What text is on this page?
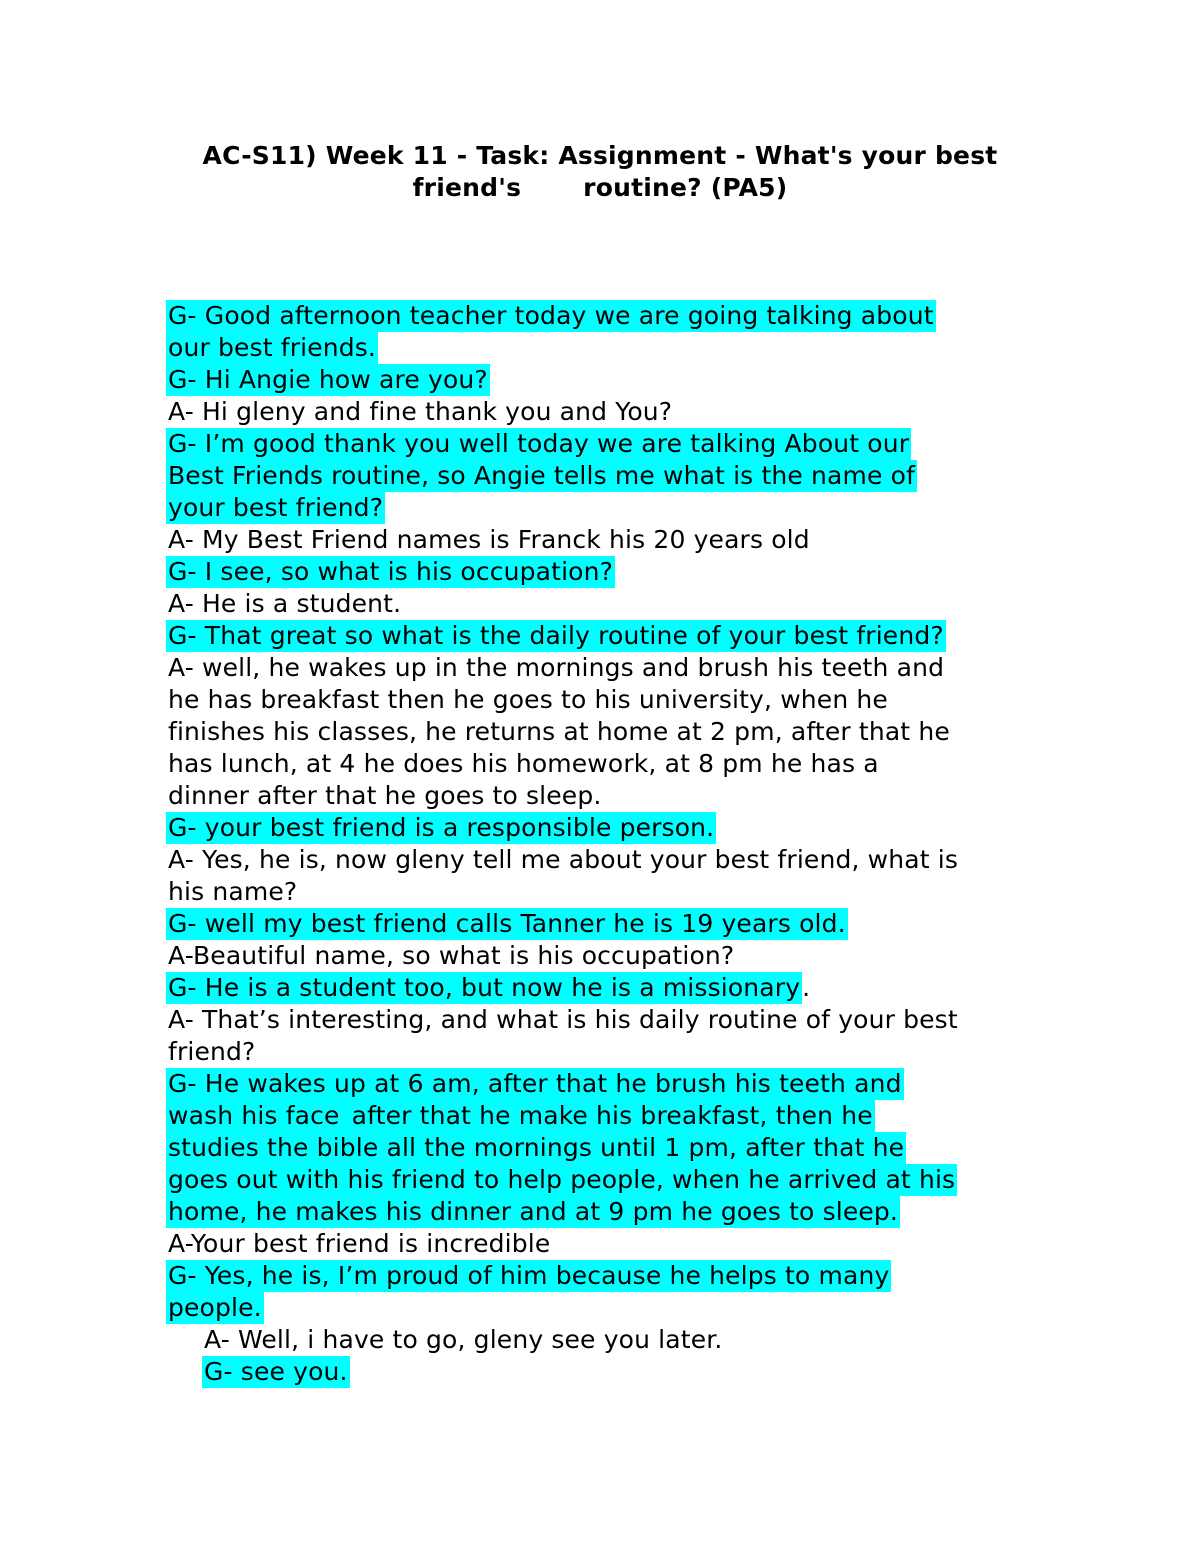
AC-S11) Week 11 - Task: Assignment - What's your best
friend's routine? (PA5)
G- Good afternoon teacher today we are going talking about
our best friends.
G- Hi Angie how are you?
A- Hi gleny and fine thank you and You?
G- I’m good thank you well today we are talking About our
Best Friends routine, so Angie tells me what is the name of
your best friend?
A- My Best Friend names is Franck his 20 years old
G- I see, so what is his occupation?
A- He is a student.
G- That great so what is the daily routine of your best friend?
A- well, he wakes up in the mornings and brush his teeth and
he has breakfast then he goes to his university, when he
finishes his classes, he returns at home at 2 pm, after that he
has lunch, at 4 he does his homework, at 8 pm he has a
dinner after that he goes to sleep.
G- your best friend is a responsible person.
A- Yes, he is, now gleny tell me about your best friend, what is
his name?
G- well my best friend calls Tanner he is 19 years old.
A-Beautiful name, so what is his occupation?
G- He is a student too, but now he is a missionary.
A- That’s interesting, and what is his daily routine of your best
friend?
G- He wakes up at 6 am, after that he brush his teeth and
wash his face after that he make his breakfast, then he
studies the bible all the mornings until 1 pm, after that he
goes out with his friend to help people, when he arrived at his
home, he makes his dinner and at 9 pm he goes to sleep.
A-Your best friend is incredible
G- Yes, he is, I’m proud of him because he helps to many
people.
A- Well, i have to go, gleny see you later.
G- see you.
